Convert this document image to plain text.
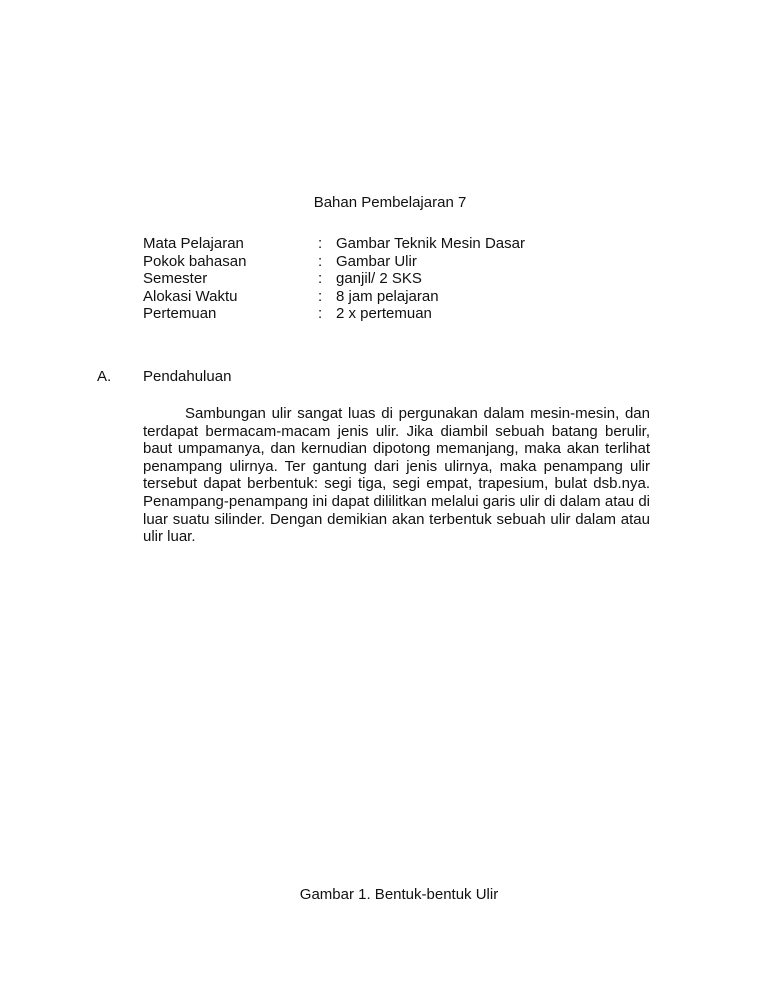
Bahan Pembelajaran 7
Mata Pelajaran	: Gambar Teknik Mesin Dasar
Pokok bahasan	: Gambar Ulir
Semester	: ganjil/ 2 SKS
Alokasi Waktu	: 8 jam pelajaran
Pertemuan	: 2 x pertemuan
A.	Pendahuluan

Sambungan ulir sangat luas di pergunakan dalam mesin-mesin, dan terdapat bermacam-macam jenis ulir. Jika diambil sebuah batang berulir, baut umpamanya, dan kernudian dipotong memanjang, maka akan terlihat penampang ulirnya. Ter gantung dari jenis ulirnya, maka penampang ulir tersebut dapat berbentuk: segi tiga, segi empat, trapesium, bulat dsb.nya. Penampang-penampang ini dapat dililitkan melalui garis ulir di dalam atau di luar suatu silinder. Dengan demikian akan terbentuk sebuah ulir dalam atau ulir luar.

Gambar 1. Bentuk-bentuk Ulir
